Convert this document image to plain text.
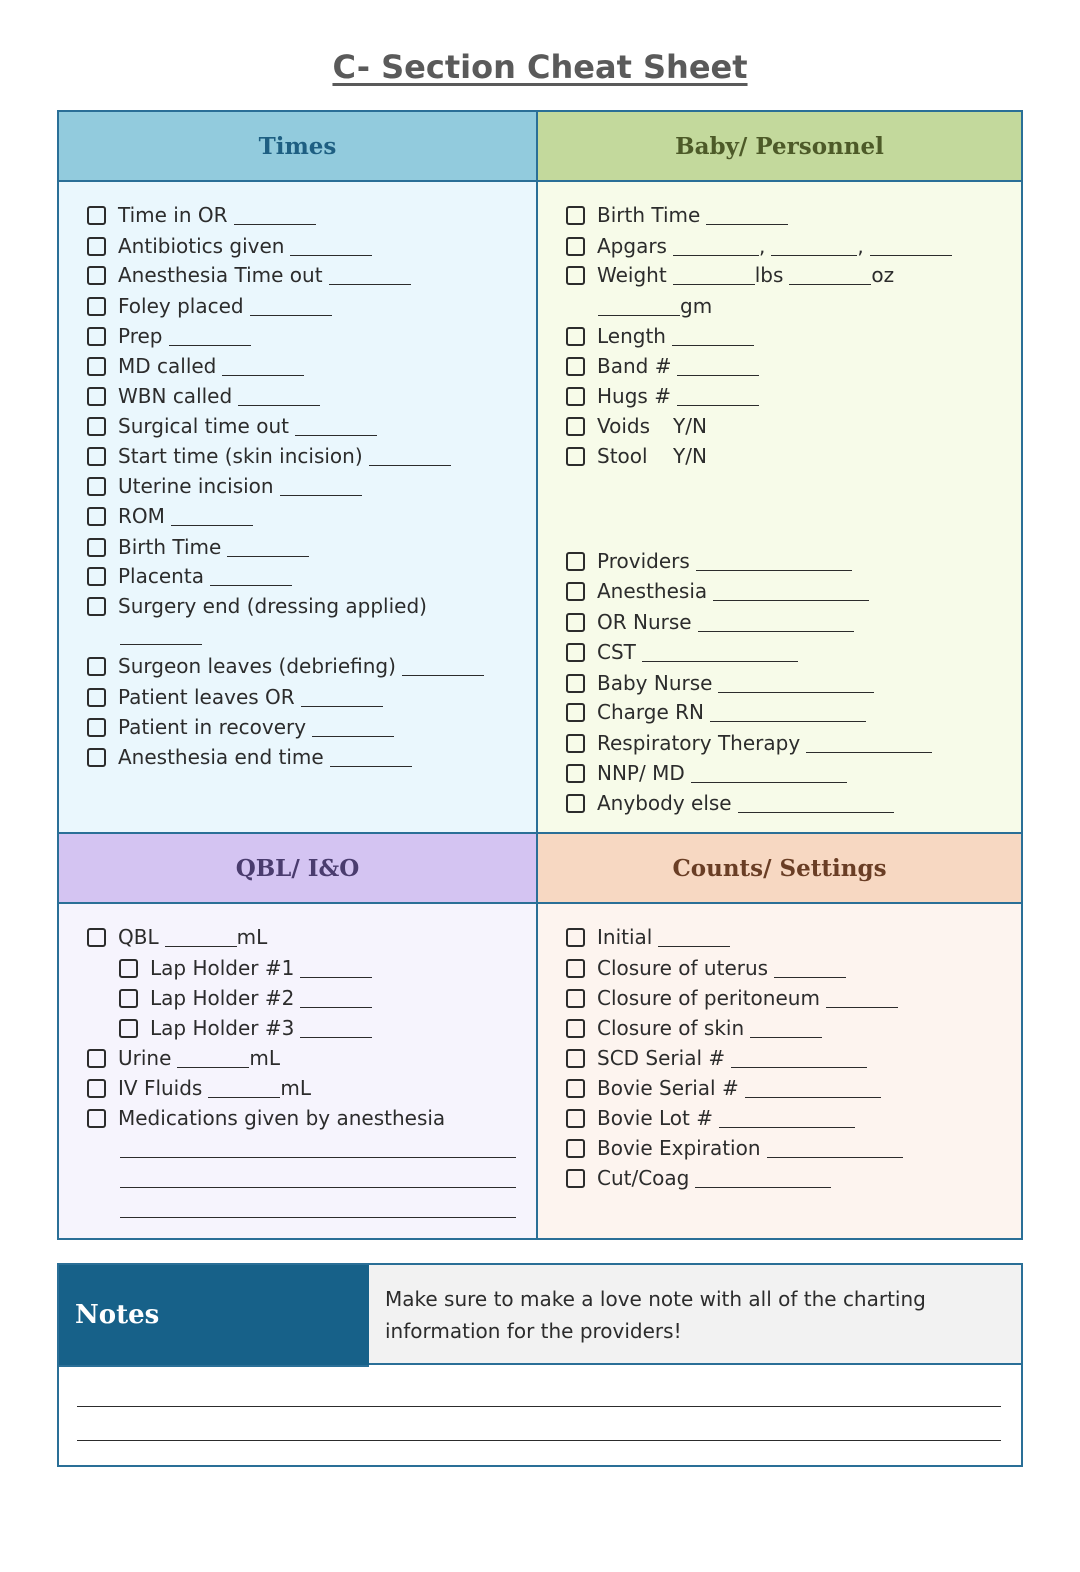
C- Section Cheat Sheet
Times	Baby/ Personnel
QBL/ I&O	Counts/ Settings
Time in OR
Antibiotics given
Anesthesia Time out
Foley placed
Prep
MD called
WBN called
Surgical time out
Start time (skin incision)
Uterine incision
ROM
Birth Time
Placenta
Surgery end (dressing applied)
Surgeon leaves (debriefing)
Patient leaves OR
Patient in recovery
Anesthesia end time
Birth Time
Apgars	,	,
Weight	lbs	oz
gm
Length
Band #
Hugs #
Voids	Y/N
Stool	Y/N
Providers
Anesthesia
OR Nurse
CST
Baby Nurse
Charge RN
Respiratory Therapy
NNP/ MD
Anybody else
QBL	mL
Lap Holder #1
Lap Holder #2
Lap Holder #3
Urine	mL
IV Fluids	mL
Medications given by anesthesia
Initial
Closure of uterus
Closure of peritoneum
Closure of skin
SCD Serial #
Bovie Serial #
Bovie Lot #
Bovie Expiration
Cut/Coag
Notes
Make sure to make a love note with all of the charting information for the providers!
